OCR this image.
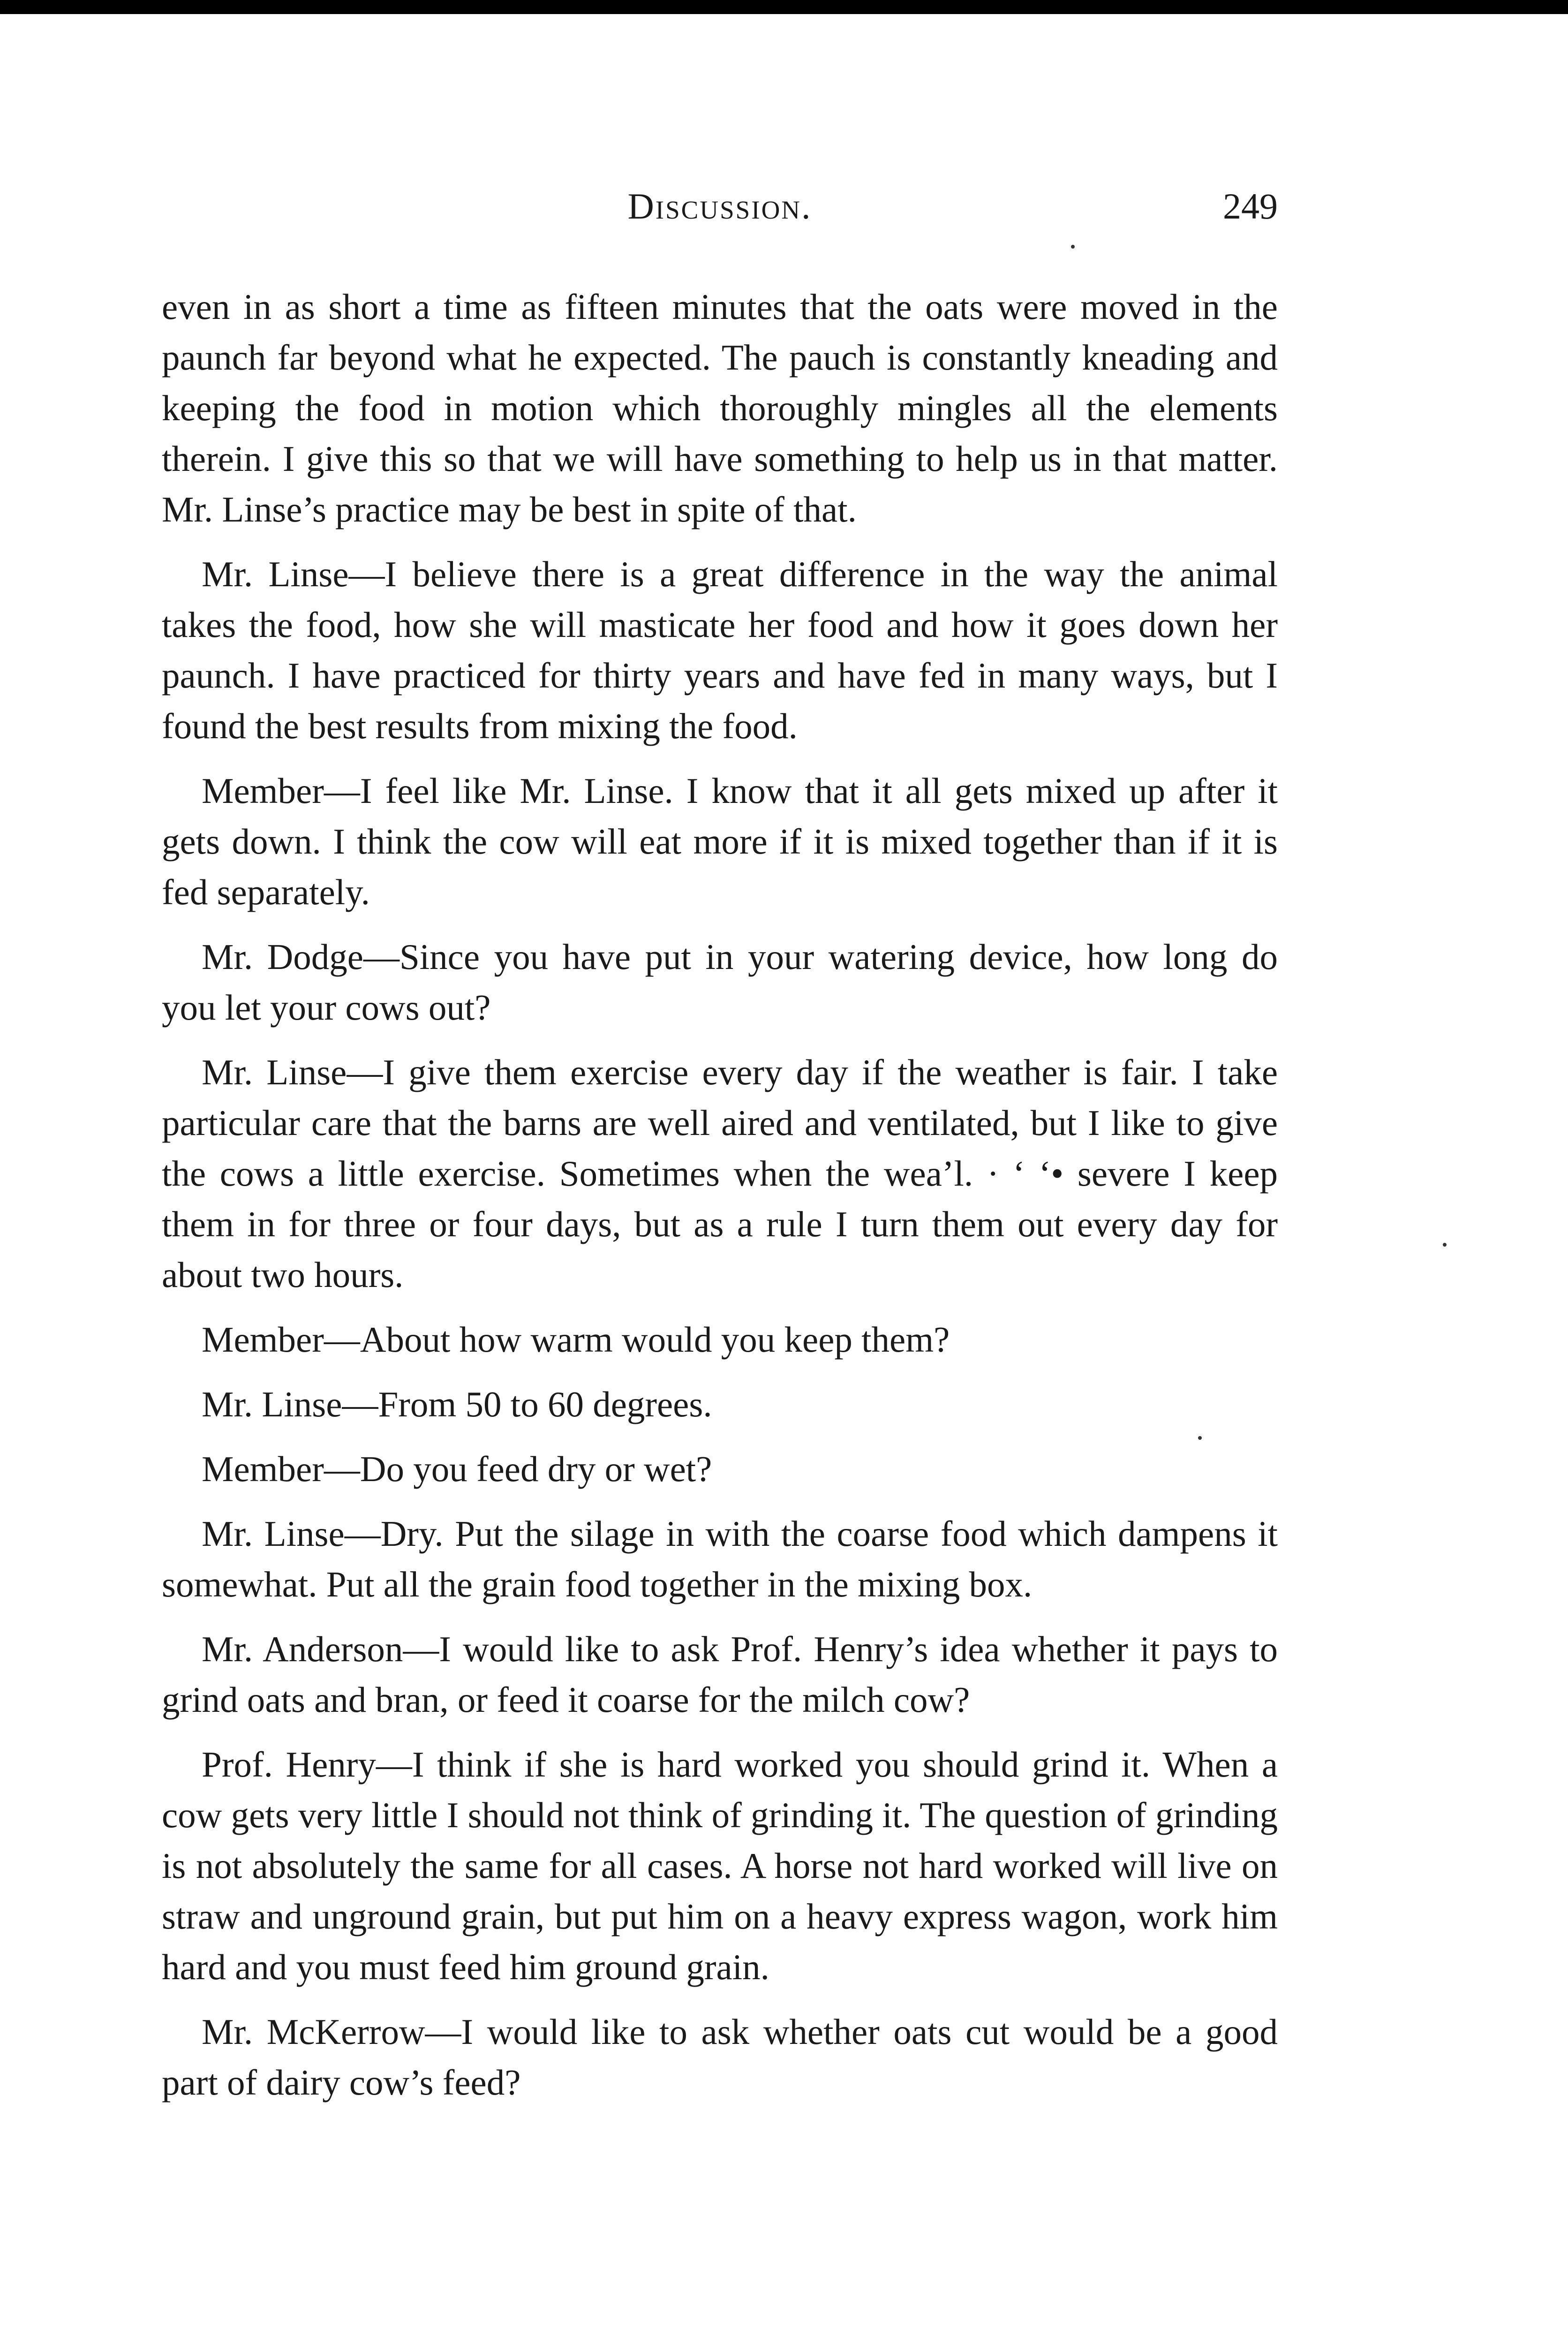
Discussion.	249

even in as short a time as fifteen minutes that the oats were moved in the paunch far beyond what he expected. The pauch is constantly kneading and keeping the food in motion which thoroughly mingles all the elements therein. I give this so that we will have something to help us in that matter. Mr. Linse’s practice may be best in spite of that.

Mr. Linse—I believe there is a great difference in the way the animal takes the food, how she will masticate her food and how it goes down her paunch. I have practiced for thirty years and have fed in many ways, but I found the best results from mixing the food.

Member—I feel like Mr. Linse. I know that it all gets mixed up after it gets down. I think the cow will eat more if it is mixed together than if it is fed separately.

Mr. Dodge—Since you have put in your watering device, how long do you let your cows out?

Mr. Linse—I give them exercise every day if the weather is fair. I take particular care that the barns are well aired and ventilated, but I like to give the cows a little exercise. Sometimes when the wea’l. · ‘ ‘• severe I keep them in for three or four days, but as a rule I turn them out every day for about two hours.

Member—About how warm would you keep them?

Mr. Linse—From 50 to 60 degrees.

Member—Do you feed dry or wet?

Mr. Linse—Dry. Put the silage in with the coarse food which dampens it somewhat. Put all the grain food together in the mixing box.

Mr. Anderson—I would like to ask Prof. Henry’s idea whether it pays to grind oats and bran, or feed it coarse for the milch cow?

Prof. Henry—I think if she is hard worked you should grind it. When a cow gets very little I should not think of grinding it. The question of grinding is not absolutely the same for all cases. A horse not hard worked will live on straw and unground grain, but put him on a heavy express wagon, work him hard and you must feed him ground grain.

Mr. McKerrow—I would like to ask whether oats cut would be a good part of dairy cow’s feed?
